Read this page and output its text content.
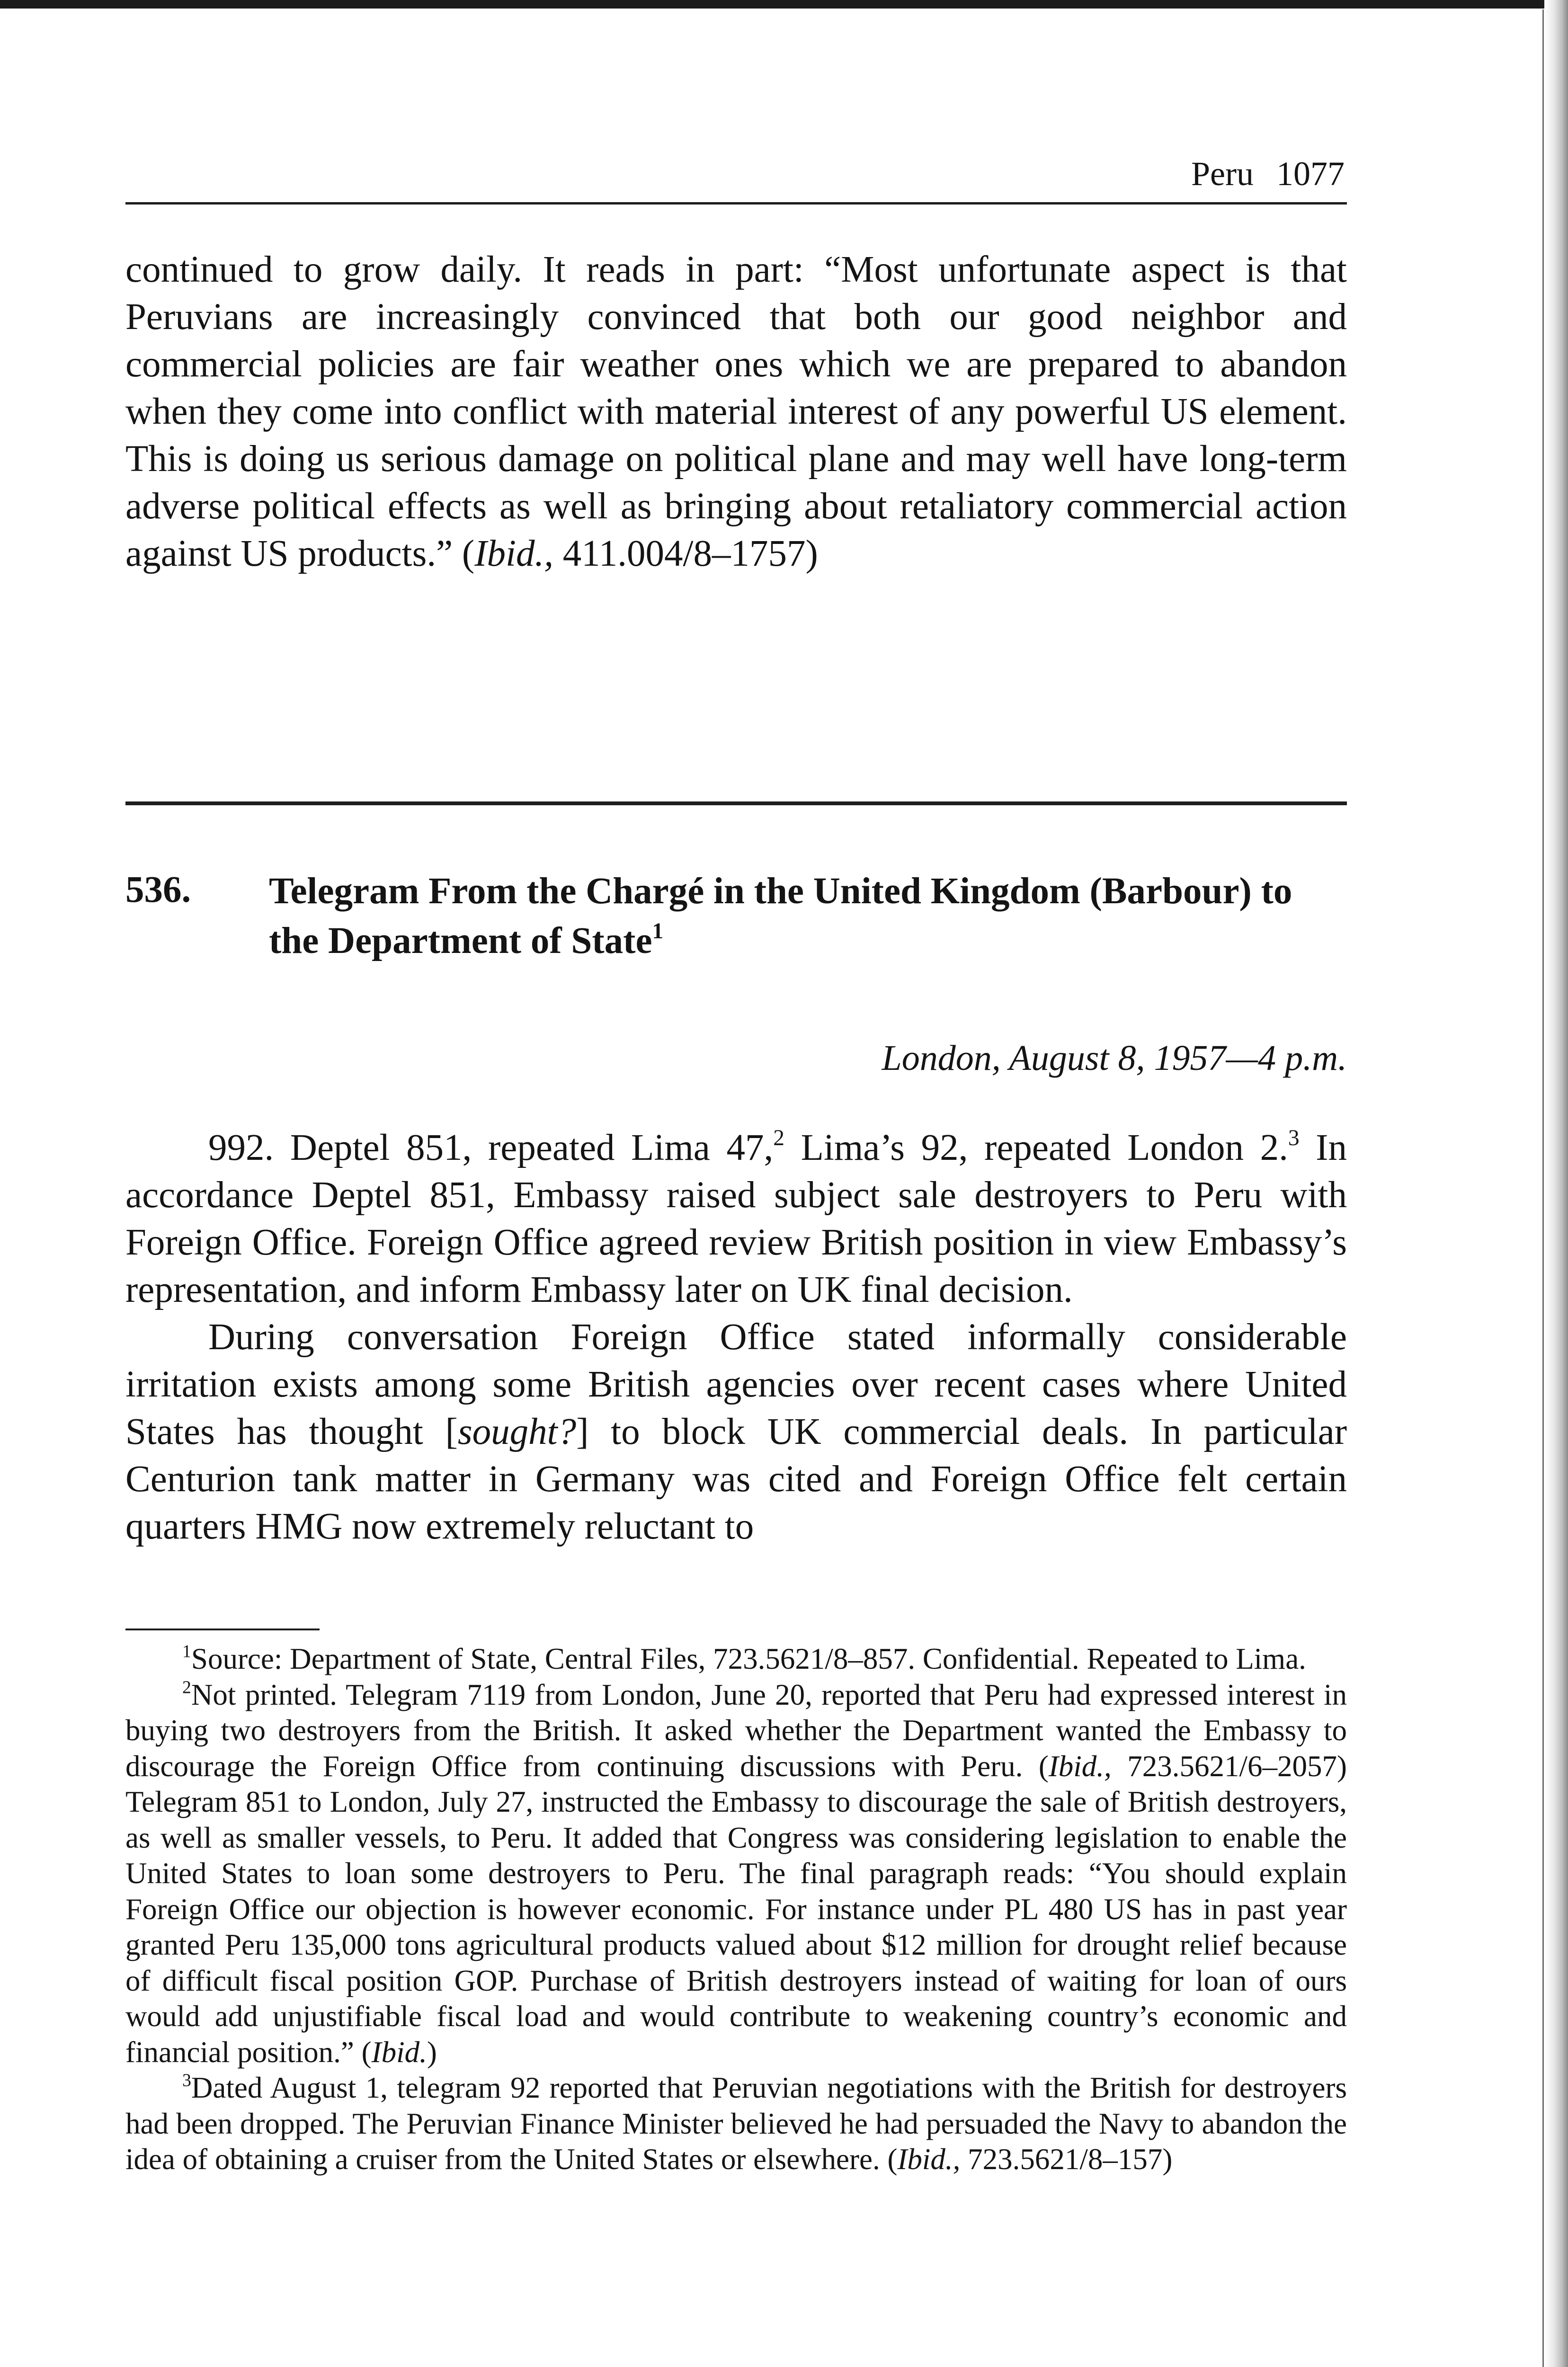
Peru 1077
continued to grow daily. It reads in part: “Most unfortunate aspect is that Peruvians are increasingly convinced that both our good neighbor and commercial policies are fair weather ones which we are prepared to abandon when they come into conflict with material interest of any powerful US element. This is doing us serious damage on political plane and may well have long-term adverse political effects as well as bringing about retaliatory commercial action against US products.” (Ibid., 411.004/8–1757)
536. Telegram From the Chargé in the United Kingdom (Barbour) to the Department of State$^1$
London, August 8, 1957—4 p.m.

992. Deptel 851, repeated Lima 47,$^2$ Lima’s 92, repeated London 2.$^3$ In accordance Deptel 851, Embassy raised subject sale destroyers to Peru with Foreign Office. Foreign Office agreed review British position in view Embassy’s representation, and inform Embassy later on UK final decision.

During conversation Foreign Office stated informally considerable irritation exists among some British agencies over recent cases where United States has thought [sought?] to block UK commercial deals. In particular Centurion tank matter in Germany was cited and Foreign Office felt certain quarters HMG now extremely reluctant to

$^1$Source: Department of State, Central Files, 723.5621/8–857. Confidential. Repeated to Lima.

$^2$Not printed. Telegram 7119 from London, June 20, reported that Peru had expressed interest in buying two destroyers from the British. It asked whether the Department wanted the Embassy to discourage the Foreign Office from continuing discussions with Peru. (Ibid., 723.5621/6–2057) Telegram 851 to London, July 27, instructed the Embassy to discourage the sale of British destroyers, as well as smaller vessels, to Peru. It added that Congress was considering legislation to enable the United States to loan some destroyers to Peru. The final paragraph reads: “You should explain Foreign Office our objection is however economic. For instance under PL 480 US has in past year granted Peru 135,000 tons agricultural products valued about $12 million for drought relief because of difficult fiscal position GOP. Purchase of British destroyers instead of waiting for loan of ours would add unjustifiable fiscal load and would contribute to weakening country’s economic and financial position.” (Ibid.)

$^3$Dated August 1, telegram 92 reported that Peruvian negotiations with the British for destroyers had been dropped. The Peruvian Finance Minister believed he had persuaded the Navy to abandon the idea of obtaining a cruiser from the United States or elsewhere. (Ibid., 723.5621/8–157)
